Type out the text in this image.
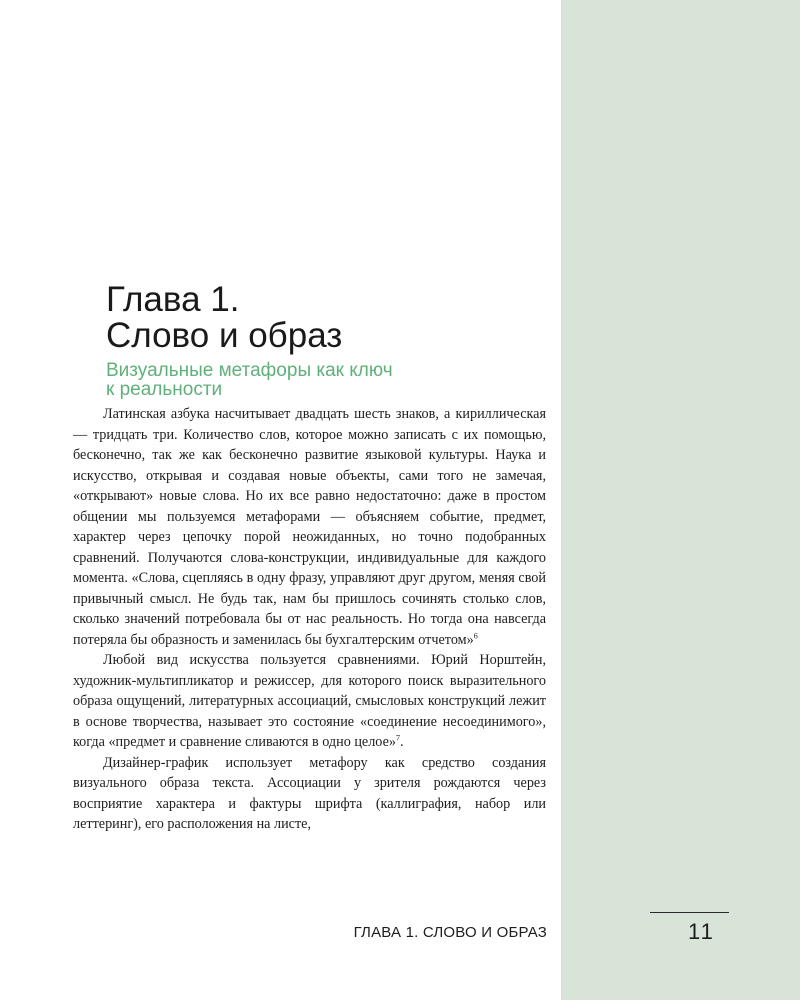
Глава 1.
Слово и образ
Визуальные метафоры как ключ
к реальности

Латинская азбука насчитывает двадцать шесть знаков, а кириллическая — тридцать три. Количество слов, которое можно записать с их помощью, бесконечно, так же как бесконечно развитие языковой культуры. Наука и искусство, открывая и создавая новые объекты, сами того не замечая, «открывают» новые слова. Но их все равно недостаточно: даже в простом общении мы пользуемся метафорами — объясняем событие, предмет, характер через цепочку порой неожиданных, но точно подобранных сравнений. Получаются слова-конструкции, индивидуальные для каждого момента. «Слова, сцепляясь в одну фразу, управляют друг другом, меняя свой привычный смысл. Не будь так, нам бы пришлось сочинять столько слов, сколько значений потребовала бы от нас реальность. Но тогда она навсегда потеряла бы образность и заменилась бы бухгалтерским отчетом»$^6$

Любой вид искусства пользуется сравнениями. Юрий Норштейн, художник-мультипликатор и режиссер, для которого поиск выразительного образа ощущений, литературных ассоциаций, смысловых конструкций лежит в основе творчества, называет это состояние «соединение несоединимого», когда «предмет и сравнение сливаются в одно целое»$^7$.

Дизайнер-график использует метафору как средство создания визуального образа текста. Ассоциации у зрителя рождаются через восприятие характера и фактуры шрифта (каллиграфия, набор или леттеринг), его расположения на листе,

ГЛАВА 1. СЛОВО И ОБРАЗ	11
